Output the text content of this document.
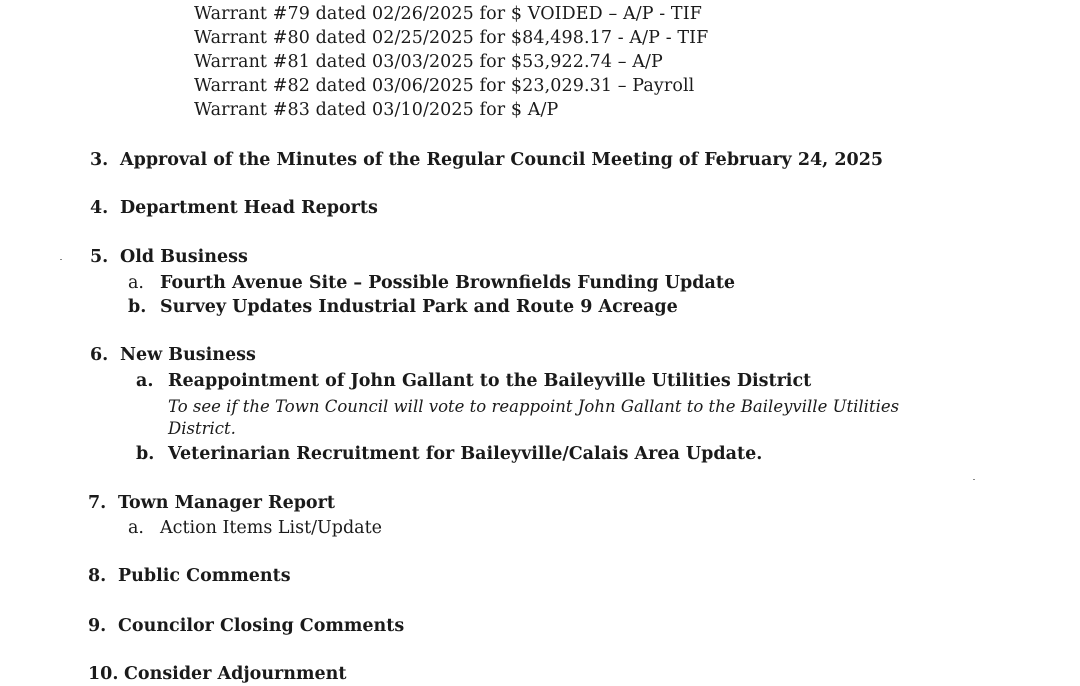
Warrant #79 dated 02/26/2025 for $ VOIDED – A/P - TIF
Warrant #80 dated 02/25/2025 for $84,498.17 - A/P - TIF
Warrant #81 dated 03/03/2025 for $53,922.74 – A/P
Warrant #82 dated 03/06/2025 for $23,029.31 – Payroll
Warrant #83 dated 03/10/2025 for $ A/P
3. Approval of the Minutes of the Regular Council Meeting of February 24, 2025
4. Department Head Reports
5. Old Business
a. Fourth Avenue Site – Possible Brownfields Funding Update
b. Survey Updates Industrial Park and Route 9 Acreage
6. New Business
a. Reappointment of John Gallant to the Baileyville Utilities District
To see if the Town Council will vote to reappoint John Gallant to the Baileyville Utilities District.
b. Veterinarian Recruitment for Baileyville/Calais Area Update.
7. Town Manager Report
a. Action Items List/Update
8. Public Comments
9. Councilor Closing Comments
10. Consider Adjournment
